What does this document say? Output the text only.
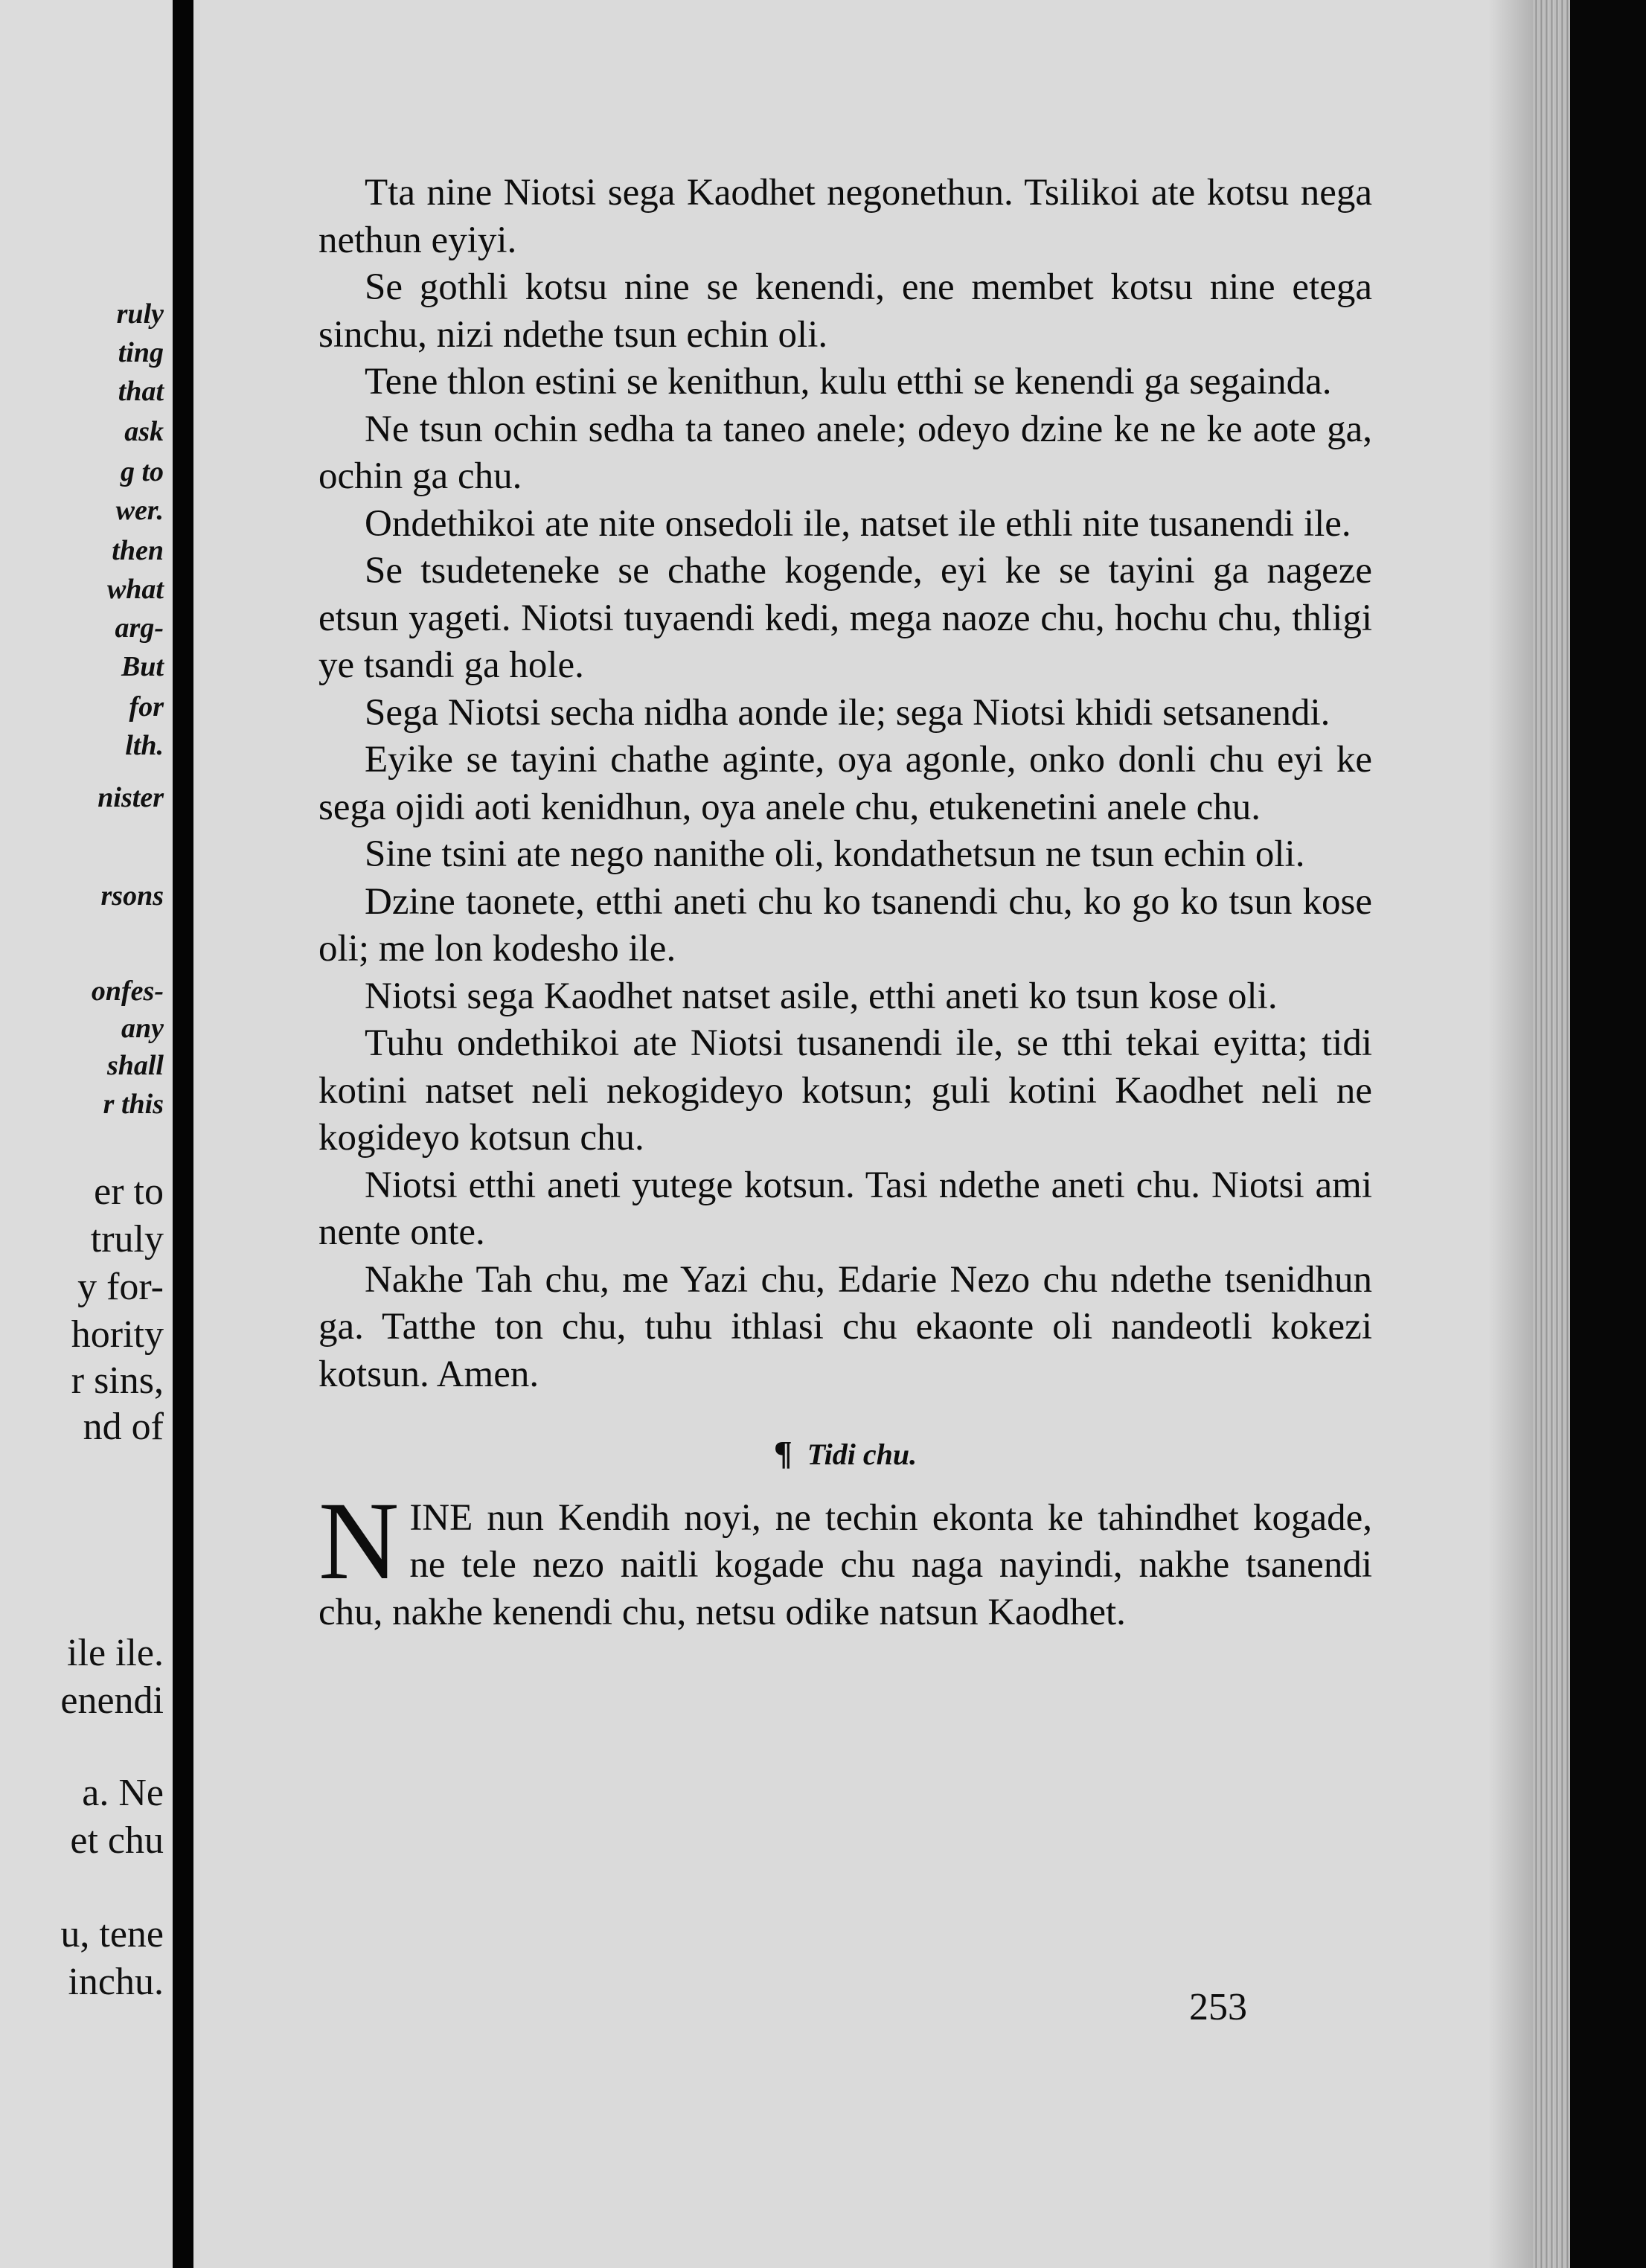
ruly
ting
that
ask
g to
wer.
then
what
arg-
But
for
lth.
nister
rsons
onfes-
any
shall
r this
er to
truly
y for-
hority
r sins,
nd of
ile ile.
enendi
a. Ne
et chu
u, tene
inchu.

Tta nine Niotsi sega Kaodhet negonethun. Tsilikoi ate kotsu nega nethun eyiyi.

Se gothli kotsu nine se kenendi, ene membet kotsu nine etega sinchu, nizi ndethe tsun echin oli.

Tene thlon estini se kenithun, kulu etthi se kenendi ga segainda.

Ne tsun ochin sedha ta taneo anele; odeyo dzine ke ne ke aote ga, ochin ga chu.

Ondethikoi ate nite onsedoli ile, natset ile ethli nite tusanendi ile.

Se tsudeteneke se chathe kogende, eyi ke se tayini ga nageze etsun yageti. Niotsi tuyaendi kedi, mega naoze chu, hochu chu, thligi ye tsandi ga hole.

Sega Niotsi secha nidha aonde ile; sega Niotsi khidi setsanendi.

Eyike se tayini chathe aginte, oya agonle, onko donli chu eyi ke sega ojidi aoti kenidhun, oya anele chu, etukenetini anele chu.

Sine tsini ate nego nanithe oli, kondathetsun ne tsun echin oli.

Dzine taonete, etthi aneti chu ko tsanendi chu, ko go ko tsun kose oli; me lon kodesho ile.

Niotsi sega Kaodhet natset asile, etthi aneti ko tsun kose oli.

Tuhu ondethikoi ate Niotsi tusanendi ile, se tthi tekai eyitta; tidi kotini natset neli nekogideyo kotsun; guli kotini Kaodhet neli ne kogideyo kotsun chu.

Niotsi etthi aneti yutege kotsun. Tasi ndethe aneti chu. Niotsi ami nente onte.

Nakhe Tah chu, me Yazi chu, Edarie Nezo chu ndethe tsenidhun ga. Tatthe ton chu, tuhu ithlasi chu ekaonte oli nandeotli kokezi kotsun. Amen.

¶ Tidi chu.

NINE nun Kendih noyi, ne techin ekonta ke tahindhet kogade, ne tele nezo naitli kogade chu naga nayindi, nakhe tsanendi chu, nakhe kenendi chu, netsu odike natsun Kaodhet.

253
